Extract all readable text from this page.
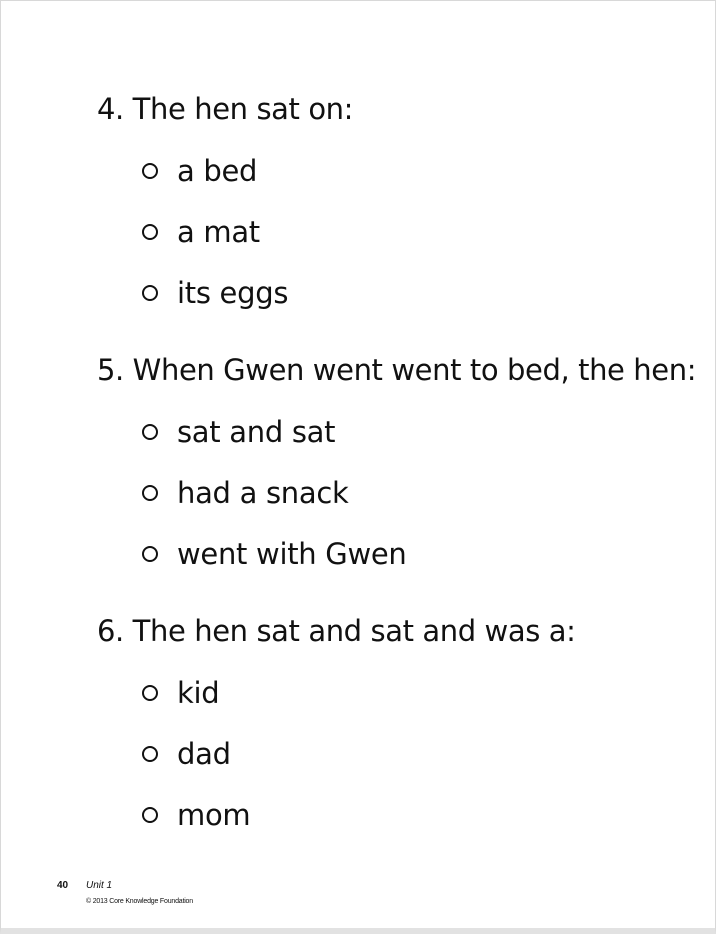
4. The hen sat on:
a bed
a mat
its eggs
5. When Gwen went went to bed, the hen:
sat and sat
had a snack
went with Gwen
6. The hen sat and sat and was a:
kid
dad
mom
40 Unit 1
© 2013 Core Knowledge Foundation
